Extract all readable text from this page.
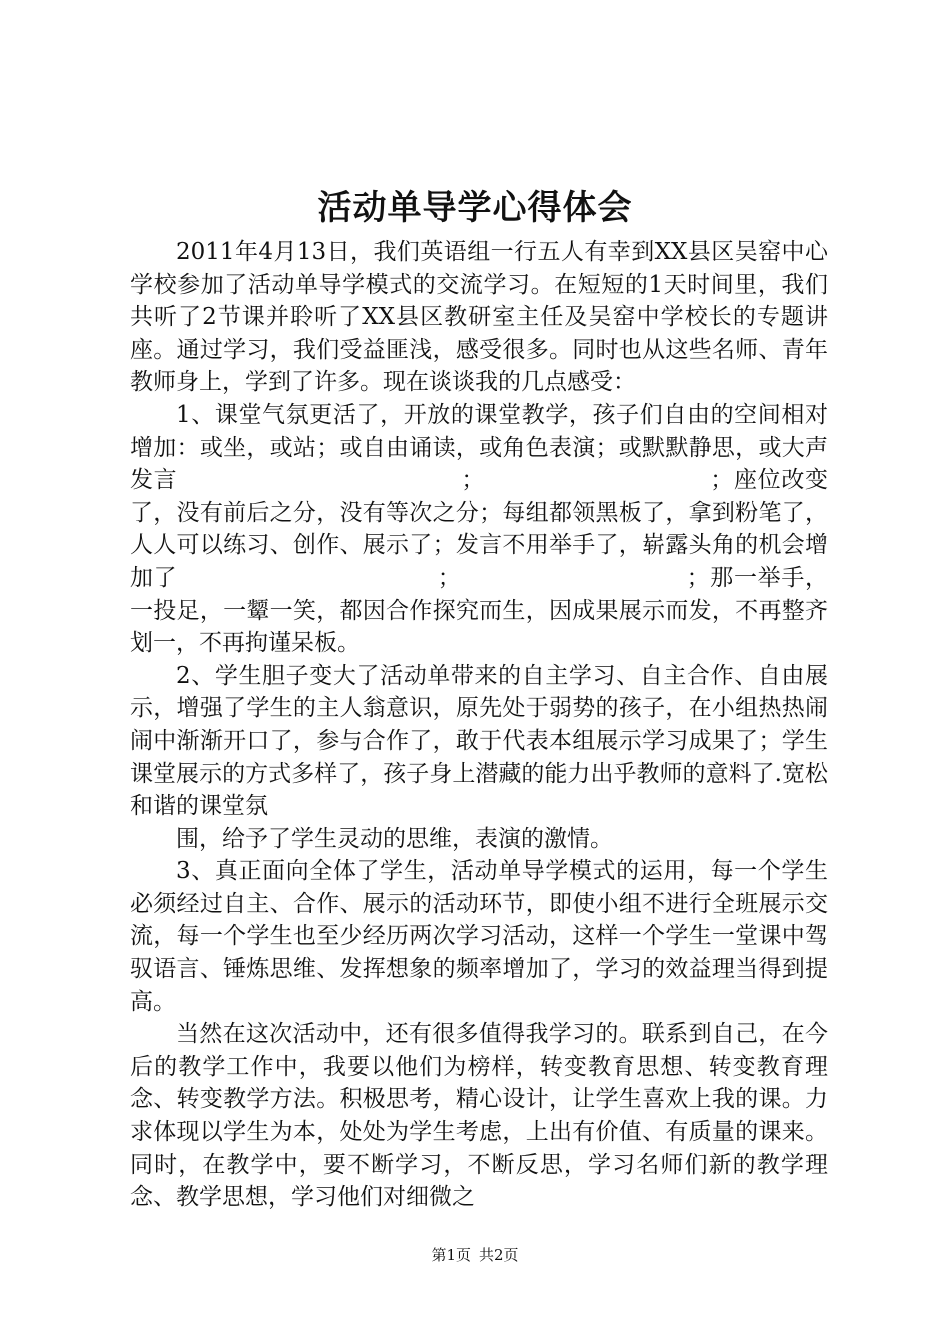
活动单导学心得体会

2011年4月13日，我们英语组一行五人有幸到XX县区吴窑中心学校参加了活动单导学模式的交流学习。在短短的1天时间里，我们共听了2节课并聆听了XX县区教研室主任及吴窑中学校长的专题讲座。通过学习，我们受益匪浅，感受很多。同时也从这些名师、青年教师身上，学到了许多。现在谈谈我的几点感受：

1、课堂气氛更活了，开放的课堂教学，孩子们自由的空间相对增加：或坐，或站；或自由诵读，或角色表演；或默默静思，或大声发言　　　　　　　　　　　　；　　　　　　　　　　；座位改变了，没有前后之分，没有等次之分；每组都领黑板了，拿到粉笔了，人人可以练习、创作、展示了；发言不用举手了，崭露头角的机会增加了　　　　　　　　　　　；　　　　　　　　　　；那一举手，一投足，一颦一笑，都因合作探究而生，因成果展示而发，不再整齐划一，不再拘谨呆板。

2、学生胆子变大了活动单带来的自主学习、自主合作、自由展示，增强了学生的主人翁意识，原先处于弱势的孩子，在小组热热闹闹中渐渐开口了，参与合作了，敢于代表本组展示学习成果了；学生课堂展示的方式多样了，孩子身上潜藏的能力出乎教师的意料了.宽松和谐的课堂氛

围，给予了学生灵动的思维，表演的激情。

3、真正面向全体了学生，活动单导学模式的运用，每一个学生必须经过自主、合作、展示的活动环节，即使小组不进行全班展示交流，每一个学生也至少经历两次学习活动，这样一个学生一堂课中驾驭语言、锤炼思维、发挥想象的频率增加了，学习的效益理当得到提高。

当然在这次活动中，还有很多值得我学习的。联系到自己，在今后的教学工作中，我要以他们为榜样，转变教育思想、转变教育理念、转变教学方法。积极思考，精心设计，让学生喜欢上我的课。力求体现以学生为本，处处为学生考虑，上出有价值、有质量的课来。同时，在教学中，要不断学习，不断反思，学习名师们新的教学理念、教学思想，学习他们对细微之

第1页 共2页
